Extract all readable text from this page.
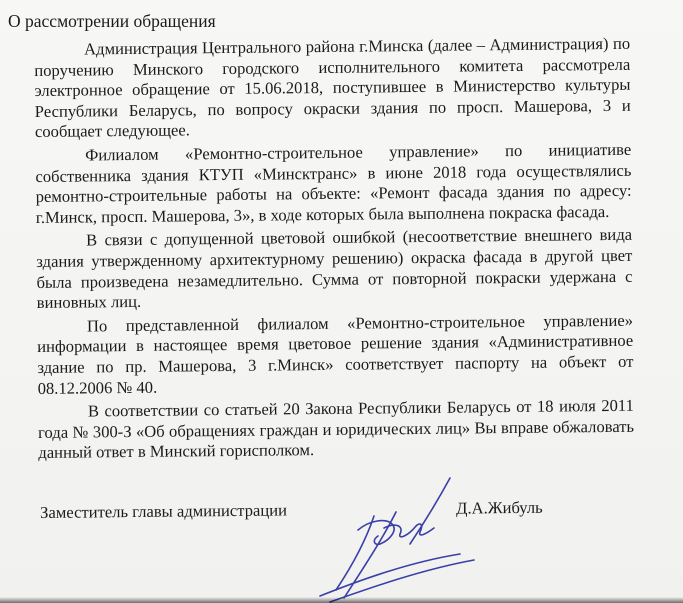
О рассмотрении обращения

Администрация Центрального района г.Минска (далее – Администрация) по поручению Минского городского исполнительного комитета рассмотрела электронное обращение от 15.06.2018, поступившее в Министерство культуры Республики Беларусь, по вопросу окраски здания по просп. Машерова, 3 и сообщает следующее.

Филиалом «Ремонтно-строительное управление» по инициативе собственника здания КТУП «Минсктранс» в июне 2018 года осуществлялись ремонтно-строительные работы на объекте: «Ремонт фасада здания по адресу: г.Минск, просп. Машерова, 3», в ходе которых была выполнена покраска фасада.

В связи с допущенной цветовой ошибкой (несоответствие внешнего вида здания утвержденному архитектурному решению) окраска фасада в другой цвет была произведена незамедлительно. Сумма от повторной покраски удержана с виновных лиц.

По представленной филиалом «Ремонтно-строительное управление» информации в настоящее время цветовое решение здания «Административное здание по пр. Машерова, 3 г.Минск» соответствует паспорту на объект от 08.12.2006 № 40.

В соответствии со статьей 20 Закона Республики Беларусь от 18 июля 2011 года № 300-З «Об обращениях граждан и юридических лиц» Вы вправе обжаловать данный ответ в Минский горисполком.

Заместитель главы администрации	Д.А.Жибуль
